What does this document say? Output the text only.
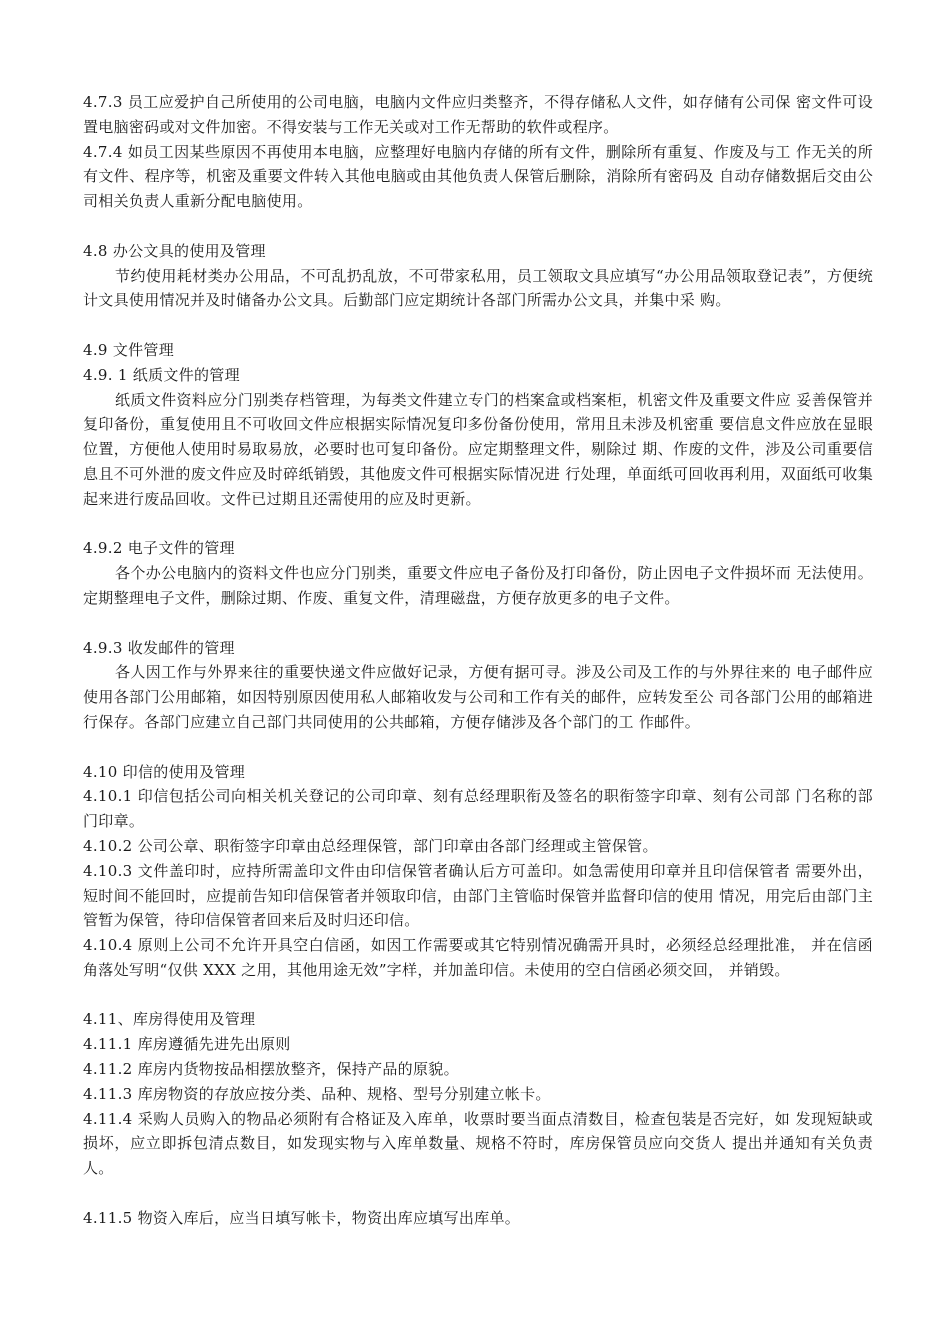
4.7.3 员工应爱护自己所使用的公司电脑，电脑内文件应归类整齐，不得存储私人文件，如存储有公司保 密文件可设置电脑密码或对文件加密。不得安装与工作无关或对工作无帮助的软件或程序。

4.7.4 如员工因某些原因不再使用本电脑，应整理好电脑内存储的所有文件，删除所有重复、作废及与工 作无关的所有文件、程序等，机密及重要文件转入其他电脑或由其他负责人保管后删除，消除所有密码及 自动存储数据后交由公司相关负责人重新分配电脑使用。

4.8 办公文具的使用及管理

节约使用耗材类办公用品，不可乱扔乱放，不可带家私用，员工领取文具应填写“办公用品领取登记表”，方便统计文具使用情况并及时储备办公文具。后勤部门应定期统计各部门所需办公文具，并集中采 购。

4.9 文件管理

4.9. 1 纸质文件的管理

纸质文件资料应分门别类存档管理，为每类文件建立专门的档案盒或档案柜，机密文件及重要文件应 妥善保管并复印备份，重复使用且不可收回文件应根据实际情况复印多份备份使用，常用且未涉及机密重 要信息文件应放在显眼位置，方便他人使用时易取易放，必要时也可复印备份。应定期整理文件，剔除过 期、作废的文件，涉及公司重要信息且不可外泄的废文件应及时碎纸销毁，其他废文件可根据实际情况进 行处理，单面纸可回收再利用，双面纸可收集起来进行废品回收。文件已过期且还需使用的应及时更新。

4.9.2 电子文件的管理

各个办公电脑内的资料文件也应分门别类，重要文件应电子备份及打印备份，防止因电子文件损坏而 无法使用。定期整理电子文件，删除过期、作废、重复文件，清理磁盘，方便存放更多的电子文件。

4.9.3 收发邮件的管理

各人因工作与外界来往的重要快递文件应做好记录，方便有据可寻。涉及公司及工作的与外界往来的 电子邮件应使用各部门公用邮箱，如因特别原因使用私人邮箱收发与公司和工作有关的邮件，应转发至公 司各部门公用的邮箱进行保存。各部门应建立自己部门共同使用的公共邮箱，方便存储涉及各个部门的工 作邮件。

4.10 印信的使用及管理

4.10.1 印信包括公司向相关机关登记的公司印章、刻有总经理职衔及签名的职衔签字印章、刻有公司部 门名称的部门印章。

4.10.2 公司公章、职衔签字印章由总经理保管，部门印章由各部门经理或主管保管。

4.10.3 文件盖印时，应持所需盖印文件由印信保管者确认后方可盖印。如急需使用印章并且印信保管者 需要外出，短时间不能回时，应提前告知印信保管者并领取印信，由部门主管临时保管并监督印信的使用 情况，用完后由部门主管暂为保管，待印信保管者回来后及时归还印信。

4.10.4 原则上公司不允许开具空白信函，如因工作需要或其它特别情况确需开具时，必须经总经理批准， 并在信函角落处写明“仅供 XXX 之用，其他用途无效”字样，并加盖印信。未使用的空白信函必须交回， 并销毁。

4.11、库房得使用及管理

4.11.1 库房遵循先进先出原则

4.11.2 库房内货物按品相摆放整齐，保持产品的原貌。

4.11.3 库房物资的存放应按分类、品种、规格、型号分别建立帐卡。

4.11.4 采购人员购入的物品必须附有合格证及入库单，收票时要当面点清数目，检查包装是否完好，如 发现短缺或损坏，应立即拆包清点数目，如发现实物与入库单数量、规格不符时，库房保管员应向交货人 提出并通知有关负责人。

4.11.5 物资入库后，应当日填写帐卡，物资出库应填写出库单。
